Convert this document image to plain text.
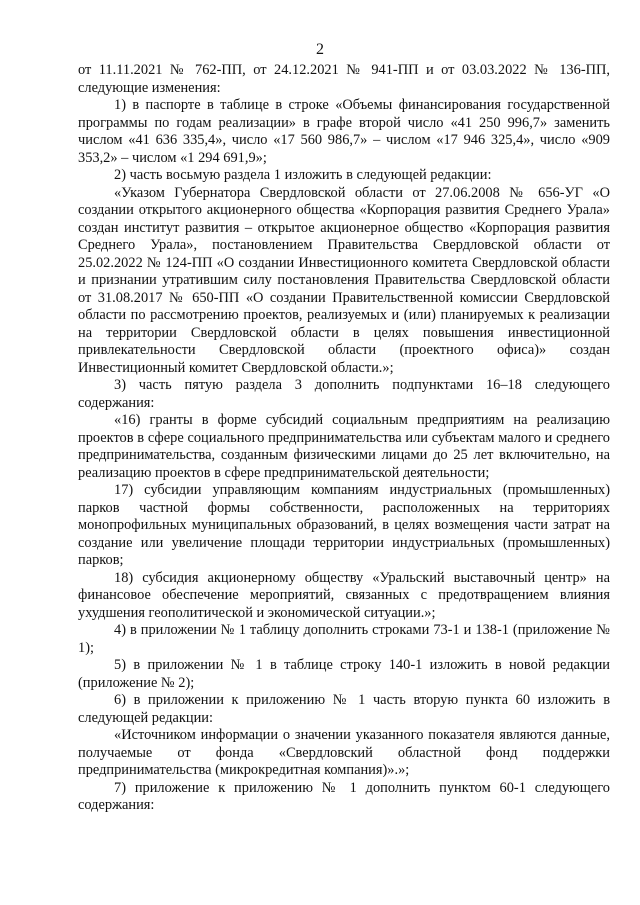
2

от 11.11.2021 № 762-ПП, от 24.12.2021 № 941-ПП и от 03.03.2022 № 136-ПП, следующие изменения:

1) в паспорте в таблице в строке «Объемы финансирования государственной программы по годам реализации» в графе второй число «41 250 996,7» заменить числом «41 636 335,4», число «17 560 986,7» – числом «17 946 325,4», число «909 353,2» – числом «1 294 691,9»;

2) часть восьмую раздела 1 изложить в следующей редакции:

«Указом Губернатора Свердловской области от 27.06.2008 № 656-УГ «О создании открытого акционерного общества «Корпорация развития Среднего Урала» создан институт развития – открытое акционерное общество «Корпорация развития Среднего Урала», постановлением Правительства Свердловской области от 25.02.2022 № 124-ПП «О создании Инвестиционного комитета Свердловской области и признании утратившим силу постановления Правительства Свердловской области от 31.08.2017 № 650-ПП «О создании Правительственной комиссии Свердловской области по рассмотрению проектов, реализуемых и (или) планируемых к реализации на территории Свердловской области в целях повышения инвестиционной привлекательности Свердловской области (проектного офиса)» создан Инвестиционный комитет Свердловской области.»;

3) часть пятую раздела 3 дополнить подпунктами 16–18 следующего содержания:

«16) гранты в форме субсидий социальным предприятиям на реализацию проектов в сфере социального предпринимательства или субъектам малого и среднего предпринимательства, созданным физическими лицами до 25 лет включительно, на реализацию проектов в сфере предпринимательской деятельности;

17) субсидии управляющим компаниям индустриальных (промышленных) парков частной формы собственности, расположенных на территориях монопрофильных муниципальных образований, в целях возмещения части затрат на создание или увеличение площади территории индустриальных (промышленных) парков;

18) субсидия акционерному обществу «Уральский выставочный центр» на финансовое обеспечение мероприятий, связанных с предотвращением влияния ухудшения геополитической и экономической ситуации.»;

4) в приложении № 1 таблицу дополнить строками 73-1 и 138-1 (приложение № 1);

5) в приложении № 1 в таблице строку 140-1 изложить в новой редакции (приложение № 2);

6) в приложении к приложению № 1 часть вторую пункта 60 изложить в следующей редакции:

«Источником информации о значении указанного показателя являются данные, получаемые от фонда «Свердловский областной фонд поддержки предпринимательства (микрокредитная компания)».»;

7) приложение к приложению № 1 дополнить пунктом 60-1 следующего содержания:
